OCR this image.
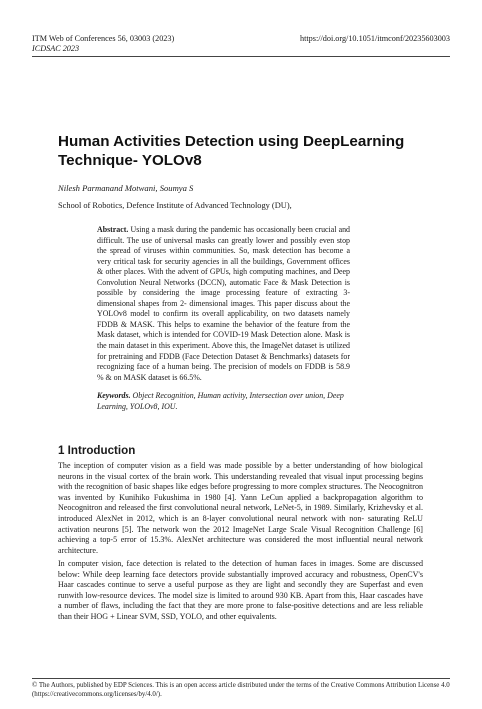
ITM Web of Conferences 56, 03003 (2023)
ICDSAC 2023
https://doi.org/10.1051/itmconf/20235603003
Human Activities Detection using DeepLearning Technique- YOLOv8
Nilesh Parmanand Motwani, Soumya S
School of Robotics, Defence Institute of Advanced Technology (DU),
Abstract. Using a mask during the pandemic has occasionally been crucial and difficult. The use of universal masks can greatly lower and possibly even stop the spread of viruses within communities. So, mask detection has become a very critical task for security agencies in all the buildings, Government offices & other places. With the advent of GPUs, high computing machines, and Deep Convolution Neural Networks (DCCN), automatic Face & Mask Detection is possible by considering the image processing feature of extracting 3-dimensional shapes from 2- dimensional images. This paper discuss about the YOLOv8 model to confirm its overall applicability, on two datasets namely FDDB & MASK. This helps to examine the behavior of the feature from the Mask dataset, which is intended for COVID-19 Mask Detection alone. Mask is the main dataset in this experiment. Above this, the ImageNet dataset is utilized for pretraining and FDDB (Face Detection Dataset & Benchmarks) datasets for recognizing face of a human being. The precision of models on FDDB is 58.9 % & on MASK dataset is 66.5%.
Keywords. Object Recognition, Human activity, Intersection over union, Deep Learning, YOLOv8, IOU.
1 Introduction
The inception of computer vision as a field was made possible by a better understanding of how biological neurons in the visual cortex of the brain work. This understanding revealed that visual input processing begins with the recognition of basic shapes like edges before progressing to more complex structures. The Neocognitron was invented by Kunihiko Fukushima in 1980 [4]. Yann LeCun applied a backpropagation algorithm to Neocognitron and released the first convolutional neural network, LeNet-5, in 1989. Similarly, Krizhevsky et al. introduced AlexNet in 2012, which is an 8-layer convolutional neural network with non- saturating ReLU activation neurons [5]. The network won the 2012 ImageNet Large Scale Visual Recognition Challenge [6] achieving a top-5 error of 15.3%. AlexNet architecture was considered the most influential neural network architecture.
In computer vision, face detection is related to the detection of human faces in images. Some are discussed below: While deep learning face detectors provide substantially improved accuracy and robustness, OpenCV's Haar cascades continue to serve a useful purpose as they are light and secondly they are Superfast and even runwith low-resource devices. The model size is limited to around 930 KB. Apart from this, Haar cascades have a number of flaws, including the fact that they are more prone to false-positive detections and are less reliable than their HOG + Linear SVM, SSD, YOLO, and other equivalents.
© The Authors, published by EDP Sciences. This is an open access article distributed under the terms of the Creative Commons Attribution License 4.0 (https://creativecommons.org/licenses/by/4.0/).
